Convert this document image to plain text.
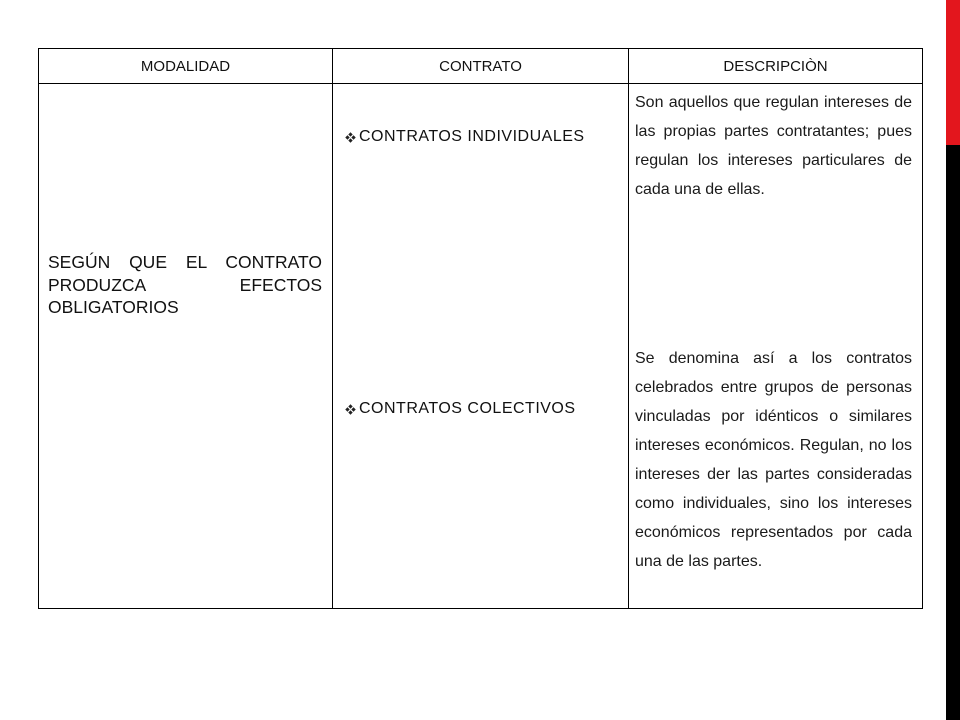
MODALIDAD	CONTRATO	DESCRIPCIÒN

SEGÚN QUE EL CONTRATO PRODUZCA EFECTOS OBLIGATORIOS

CONTRATOS INDIVIDUALES
CONTRATOS COLECTIVOS

Son aquellos que regulan intereses de las propias partes contratantes; pues regulan los intereses particulares de cada una de ellas.

Se denomina así a los contratos celebrados entre grupos de personas vinculadas por idénticos o similares intereses económicos. Regulan, no los intereses der las partes consideradas como individuales, sino los intereses económicos representados por cada una de las partes.
